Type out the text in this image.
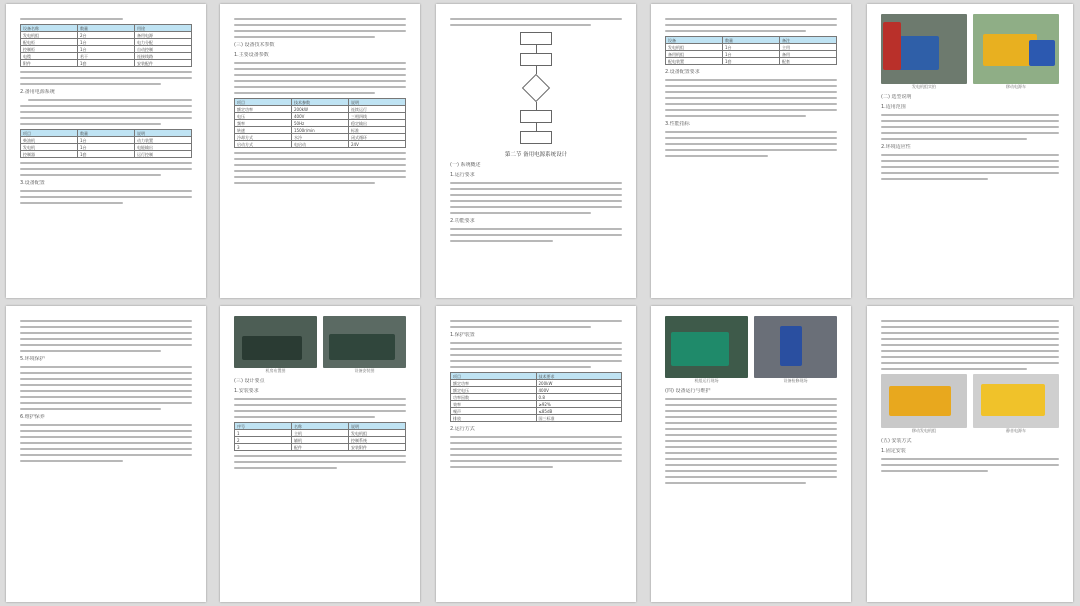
设备名称	数量	用途
发电机组	2台	备用电源
配电柜	1台	电力分配
控制柜	1台	自动控制
电缆	若干	连接线路
附件	1套	安装配件
2.备用电源系统
项目	数量	说明
柴油机	1台	动力装置
发电机	1台	电能输出
控制器	1套	运行控制
3.设备配置
(三) 设备技术参数
1.主要设备参数
项目	技术参数	说明
额定功率	200kW	连续运行
电压	400V	三相四线
频率	50Hz	稳定输出
转速	1500r/min	标准
冷却方式	水冷	闭式循环
启动方式	电启动	24V
第二节 备用电源系统设计
(一) 系统概述
1.运行要求
2.功能要求
设备	数量	备注
发电机组	1台	主用
备用机组	1台	备用
配电装置	1套	配套
2.设备配置要求
3.性能指标
发电机组实拍	移动电源车
(二) 选型说明
1.适用范围
2.环境适应性
5.环境保护
6.维护保养
机房布置图	设备安装图
(三) 设计要点
1.安装要求
序号	名称	说明
1	主机	发电机组
2	辅机	控制系统
3	配件	安装附件
1.保护装置
项目	技术要求
额定功率	200kW
额定电压	400V
功率因数	0.8
效率	≥92%
噪声	≤85dB
排放	国三标准
2.运行方式
机组运行现场	设备检修现场
(四) 设备运行与维护
移动发电机组	静音电源车
(五) 安装方式
1.固定安装
